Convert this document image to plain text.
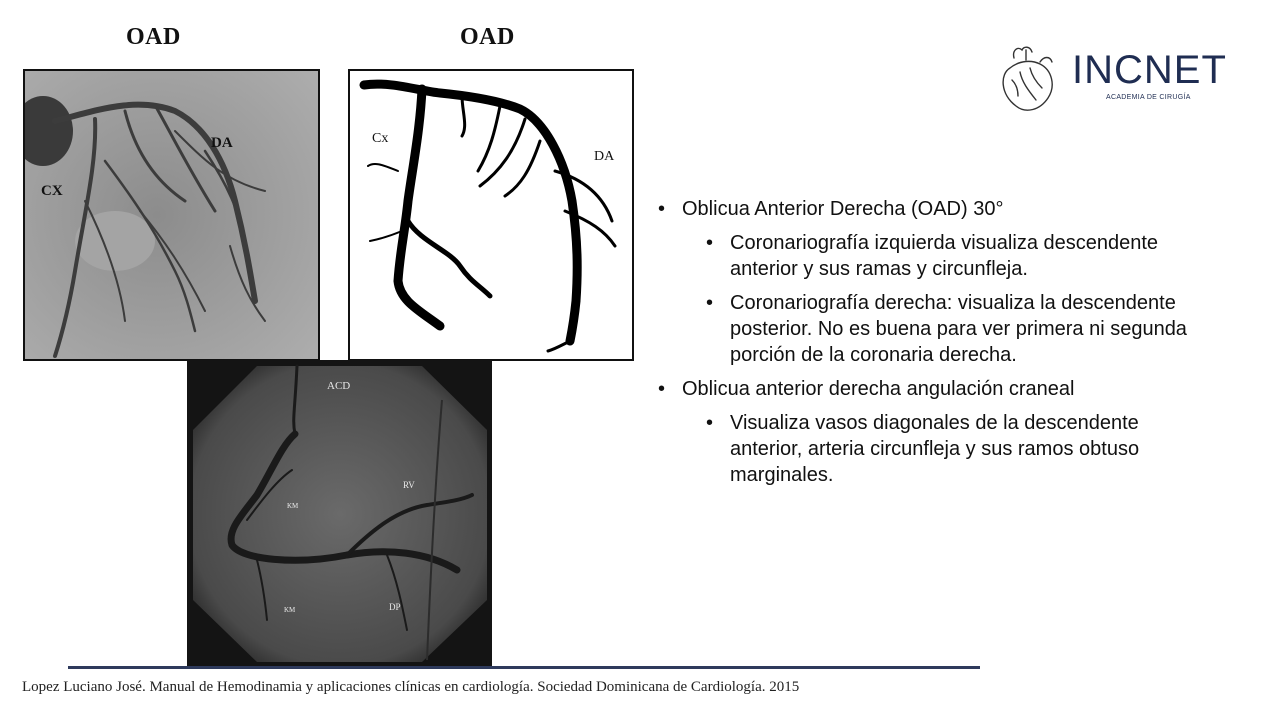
OAD	OAD
DA
CX
Cx
DA
ACD
RV
KM
KM	DP
INCNET
ACADEMIA DE CIRUGÍA
• Oblicua Anterior Derecha (OAD) 30°
• Coronariografía izquierda visualiza descendente anterior y sus ramas y circunfleja.
• Coronariografía derecha: visualiza la descendente posterior. No es buena para ver primera ni segunda porción de la coronaria derecha.
• Oblicua anterior derecha angulación craneal
• Visualiza vasos diagonales de la descendente anterior, arteria circunfleja y sus ramos obtuso marginales.
Lopez Luciano José. Manual de Hemodinamia y aplicaciones clínicas en cardiología. Sociedad Dominicana de Cardiología. 2015
